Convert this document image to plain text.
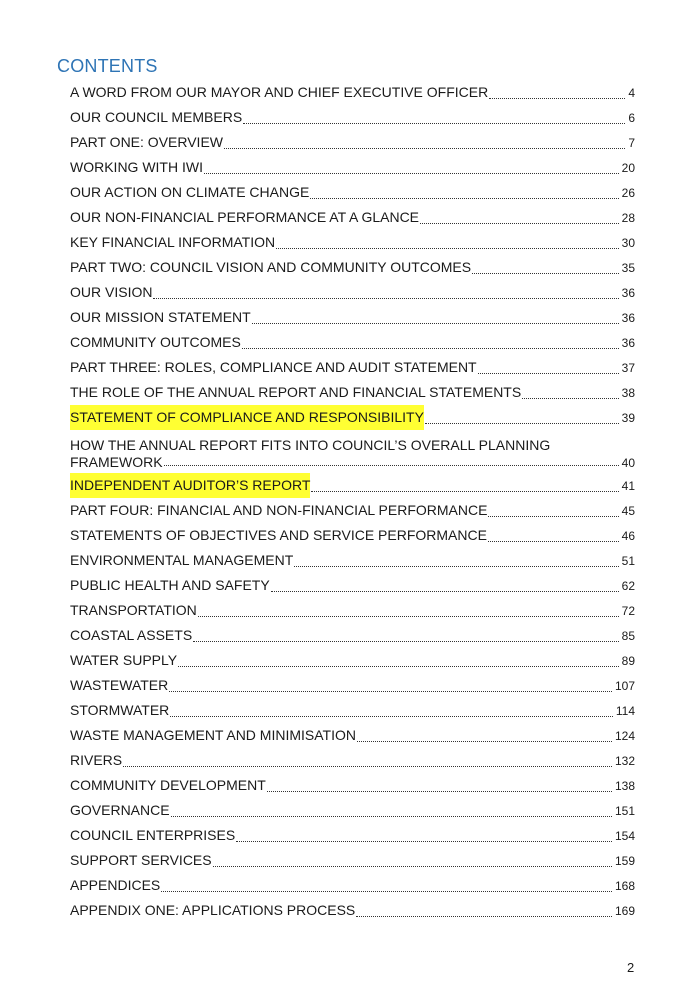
CONTENTS
A WORD FROM OUR MAYOR AND CHIEF EXECUTIVE OFFICER	4
OUR COUNCIL MEMBERS	6
PART ONE: OVERVIEW	7
WORKING WITH IWI	20
OUR ACTION ON CLIMATE CHANGE	26
OUR NON-FINANCIAL PERFORMANCE AT A GLANCE	28
KEY FINANCIAL INFORMATION	30
PART TWO: COUNCIL VISION AND COMMUNITY OUTCOMES	35
OUR VISION	36
OUR MISSION STATEMENT	36
COMMUNITY OUTCOMES	36
PART THREE: ROLES, COMPLIANCE AND AUDIT STATEMENT	37
THE ROLE OF THE ANNUAL REPORT AND FINANCIAL STATEMENTS	38
STATEMENT OF COMPLIANCE AND RESPONSIBILITY	39
HOW THE ANNUAL REPORT FITS INTO COUNCIL’S OVERALL PLANNING
FRAMEWORK	40
INDEPENDENT AUDITOR’S REPORT	41
PART FOUR: FINANCIAL AND NON-FINANCIAL PERFORMANCE	45
STATEMENTS OF OBJECTIVES AND SERVICE PERFORMANCE	46
ENVIRONMENTAL MANAGEMENT	51
PUBLIC HEALTH AND SAFETY	62
TRANSPORTATION	72
COASTAL ASSETS	85
WATER SUPPLY	89
WASTEWATER	107
STORMWATER	114
WASTE MANAGEMENT AND MINIMISATION	124
RIVERS	132
COMMUNITY DEVELOPMENT	138
GOVERNANCE	151
COUNCIL ENTERPRISES	154
SUPPORT SERVICES	159
APPENDICES	168
APPENDIX ONE: APPLICATIONS PROCESS	169
2
